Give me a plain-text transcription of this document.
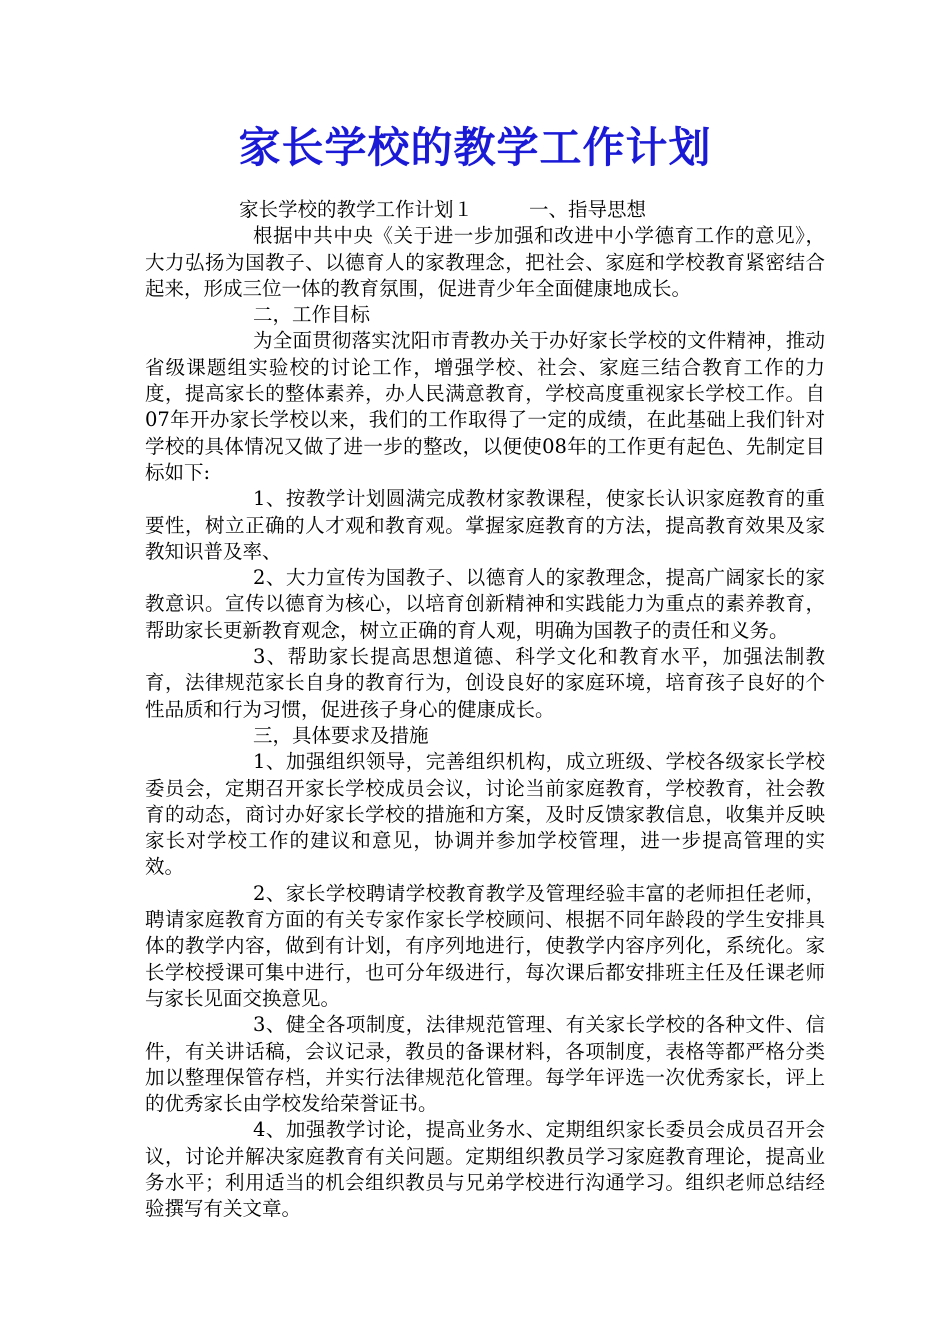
家长学校的教学工作计划

家长学校的教学工作计划１	一、指导思想

根据中共中央《关于进一步加强和改进中小学德育工作的意见》，大力弘扬为国教子、以德育人的家教理念，把社会、家庭和学校教育紧密结合起来，形成三位一体的教育氛围，促进青少年全面健康地成长。

二，工作目标

为全面贯彻落实沈阳市青教办关于办好家长学校的文件精神，推动省级课题组实验校的讨论工作，增强学校、社会、家庭三结合教育工作的力度，提高家长的整体素养，办人民满意教育，学校高度重视家长学校工作。自07年开办家长学校以来，我们的工作取得了一定的成绩，在此基础上我们针对学校的具体情况又做了进一步的整改，以便使08年的工作更有起色、先制定目标如下:

1、按教学计划圆满完成教材家教课程，使家长认识家庭教育的重要性，树立正确的人才观和教育观。掌握家庭教育的方法，提高教育效果及家教知识普及率、

2、大力宣传为国教子、以德育人的家教理念，提高广阔家长的家教意识。宣传以德育为核心，以培育创新精神和实践能力为重点的素养教育，帮助家长更新教育观念，树立正确的育人观，明确为国教子的责任和义务。

3、帮助家长提高思想道德、科学文化和教育水平，加强法制教育，法律规范家长自身的教育行为，创设良好的家庭环境，培育孩子良好的个性品质和行为习惯，促进孩子身心的健康成长。

三，具体要求及措施

1、加强组织领导，完善组织机构，成立班级、学校各级家长学校委员会，定期召开家长学校成员会议，讨论当前家庭教育，学校教育，社会教育的动态，商讨办好家长学校的措施和方案，及时反馈家教信息，收集并反映家长对学校工作的建议和意见，协调并参加学校管理，进一步提高管理的实效。

2、家长学校聘请学校教育教学及管理经验丰富的老师担任老师，聘请家庭教育方面的有关专家作家长学校顾问、根据不同年龄段的学生安排具体的教学内容，做到有计划，有序列地进行，使教学内容序列化，系统化。家长学校授课可集中进行，也可分年级进行，每次课后都安排班主任及任课老师与家长见面交换意见。

3、健全各项制度，法律规范管理、有关家长学校的各种文件、信件，有关讲话稿，会议记录，教员的备课材料，各项制度，表格等都严格分类加以整理保管存档，并实行法律规范化管理。每学年评选一次优秀家长，评上的优秀家长由学校发给荣誉证书。

4、加强教学讨论，提高业务水、定期组织家长委员会成员召开会议，讨论并解决家庭教育有关问题。定期组织教员学习家庭教育理论，提高业务水平；利用适当的机会组织教员与兄弟学校进行沟通学习。组织老师总结经验撰写有关文章。
